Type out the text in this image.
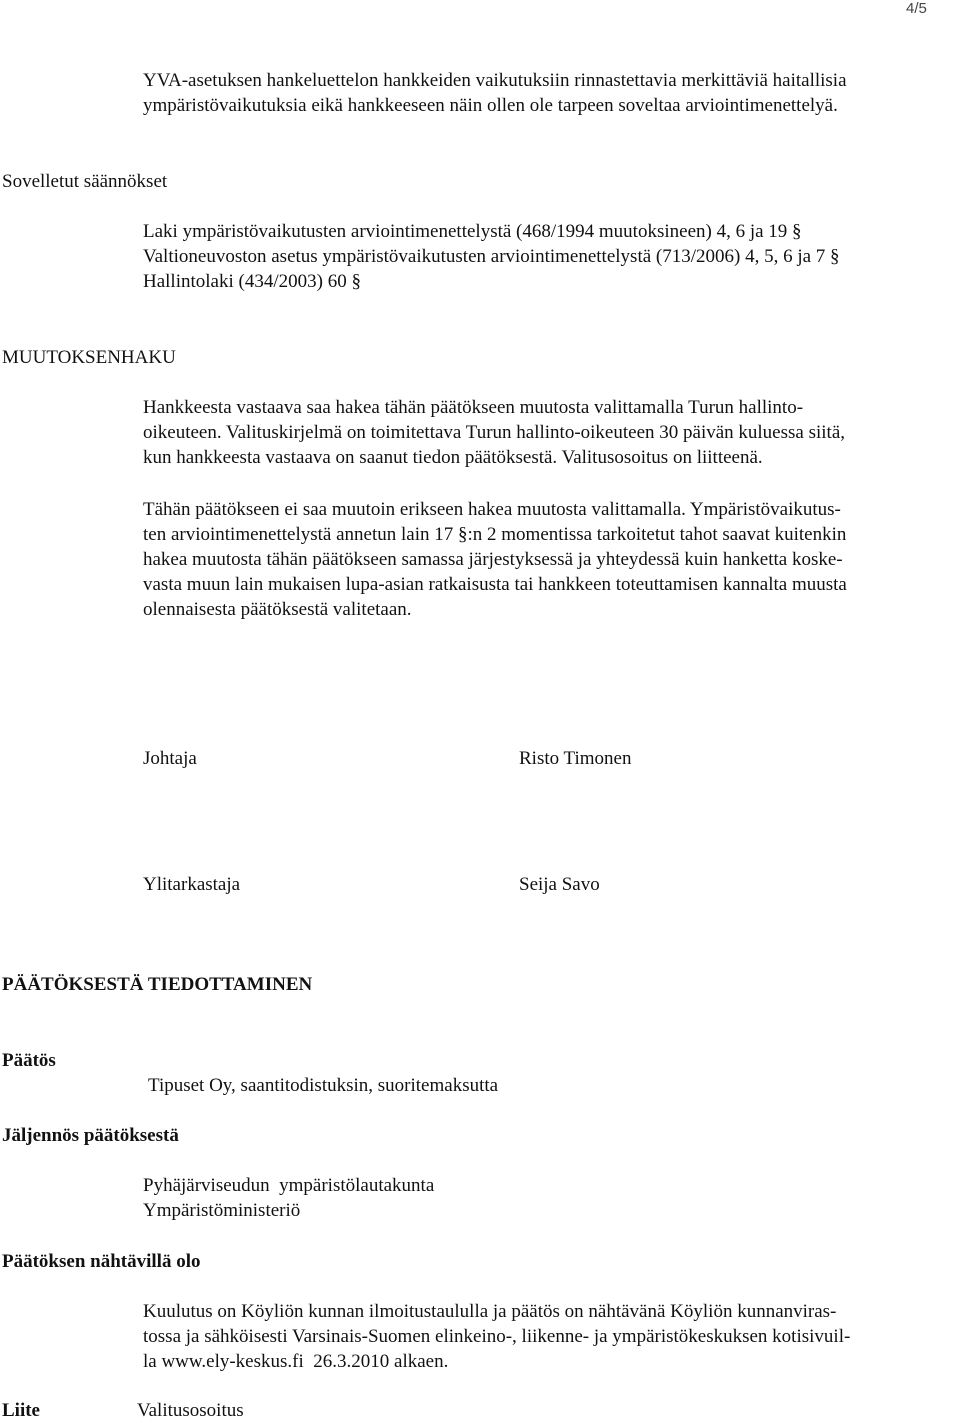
4/5
YVA-asetuksen hankeluettelon hankkeiden vaikutuksiin rinnastettavia merkittäviä haitallisia
ympäristövaikutuksia eikä hankkeeseen näin ollen ole tarpeen soveltaa arviointimenettelyä.
Sovelletut säännökset
Laki ympäristövaikutusten arviointimenettelystä (468/1994 muutoksineen) 4, 6 ja 19 §
Valtioneuvoston asetus ympäristövaikutusten arviointimenettelystä (713/2006) 4, 5, 6 ja 7 §
Hallintolaki (434/2003) 60 §
MUUTOKSENHAKU
Hankkeesta vastaava saa hakea tähän päätökseen muutosta valittamalla Turun hallinto-
oikeuteen. Valituskirjelmä on toimitettava Turun hallinto-oikeuteen 30 päivän kuluessa siitä,
kun hankkeesta vastaava on saanut tiedon päätöksestä. Valitusosoitus on liitteenä.
Tähän päätökseen ei saa muutoin erikseen hakea muutosta valittamalla. Ympäristövaikutus-
ten arviointimenettelystä annetun lain 17 §:n 2 momentissa tarkoitetut tahot saavat kuitenkin
hakea muutosta tähän päätökseen samassa järjestyksessä ja yhteydessä kuin hanketta koske-
vasta muun lain mukaisen lupa-asian ratkaisusta tai hankkeen toteuttamisen kannalta muusta
olennaisesta päätöksestä valitetaan.
Johtaja	Risto Timonen
Ylitarkastaja	Seija Savo
PÄÄTÖKSESTÄ TIEDOTTAMINEN
Päätös
Tipuset Oy, saantitodistuksin, suoritemaksutta
Jäljennös päätöksestä
Pyhäjärviseudun  ympäristölautakunta
Ympäristöministeriö
Päätöksen nähtävillä olo
Kuulutus on Köyliön kunnan ilmoitustaululla ja päätös on nähtävänä Köyliön kunnanviras-
tossa ja sähköisesti Varsinais-Suomen elinkeino-, liikenne- ja ympäristökeskuksen kotisivuil-
la www.ely-keskus.fi  26.3.2010 alkaen.
Liite	Valitusosoitus
